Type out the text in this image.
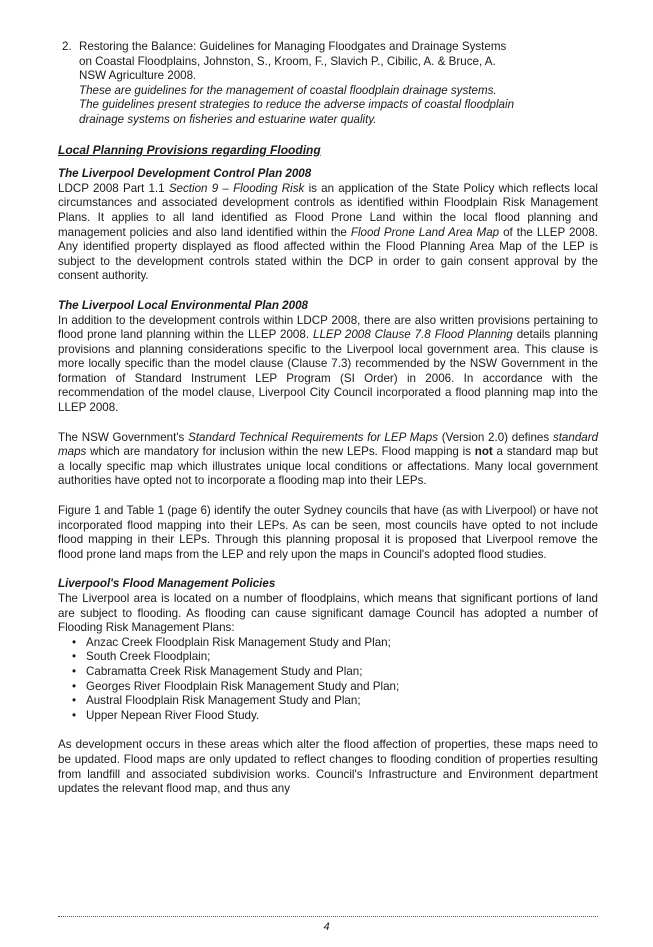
2. Restoring the Balance: Guidelines for Managing Floodgates and Drainage Systems

on Coastal Floodplains, Johnston, S., Kroom, F., Slavich P., Cibilic, A. & Bruce, A.

NSW Agriculture 2008.

These are guidelines for the management of coastal floodplain drainage systems.

The guidelines present strategies to reduce the adverse impacts of coastal floodplain

drainage systems on fisheries and estuarine water quality.

Local Planning Provisions regarding Flooding

The Liverpool Development Control Plan 2008

LDCP 2008 Part 1.1 Section 9 – Flooding Risk is an application of the State Policy which reflects local circumstances and associated development controls as identified within Floodplain Risk Management Plans. It applies to all land identified as Flood Prone Land within the local flood planning and management policies and also land identified within the Flood Prone Land Area Map of the LLEP 2008. Any identified property displayed as flood affected within the Flood Planning Area Map of the LEP is subject to the development controls stated within the DCP in order to gain consent approval by the consent authority.

The Liverpool Local Environmental Plan 2008

In addition to the development controls within LDCP 2008, there are also written provisions pertaining to flood prone land planning within the LLEP 2008. LLEP 2008 Clause 7.8 Flood Planning details planning provisions and planning considerations specific to the Liverpool local government area. This clause is more locally specific than the model clause (Clause 7.3) recommended by the NSW Government in the formation of Standard Instrument LEP Program (SI Order) in 2006. In accordance with the recommendation of the model clause, Liverpool City Council incorporated a flood planning map into the LLEP 2008.

The NSW Government's Standard Technical Requirements for LEP Maps (Version 2.0) defines standard maps which are mandatory for inclusion within the new LEPs. Flood mapping is not a standard map but a locally specific map which illustrates unique local conditions or affectations. Many local government authorities have opted not to incorporate a flooding map into their LEPs.

Figure 1 and Table 1 (page 6) identify the outer Sydney councils that have (as with Liverpool) or have not incorporated flood mapping into their LEPs. As can be seen, most councils have opted to not include flood mapping in their LEPs. Through this planning proposal it is proposed that Liverpool remove the flood prone land maps from the LEP and rely upon the maps in Council's adopted flood studies.

Liverpool's Flood Management Policies

The Liverpool area is located on a number of floodplains, which means that significant portions of land are subject to flooding. As flooding can cause significant damage Council has adopted a number of Flooding Risk Management Plans:

• Anzac Creek Floodplain Risk Management Study and Plan;
• South Creek Floodplain;
• Cabramatta Creek Risk Management Study and Plan;
• Georges River Floodplain Risk Management Study and Plan;
• Austral Floodplain Risk Management Study and Plan;
• Upper Nepean River Flood Study.

As development occurs in these areas which alter the flood affection of properties, these maps need to be updated. Flood maps are only updated to reflect changes to flooding condition of properties resulting from landfill and associated subdivision works. Council's Infrastructure and Environment department updates the relevant flood map, and thus any

4
